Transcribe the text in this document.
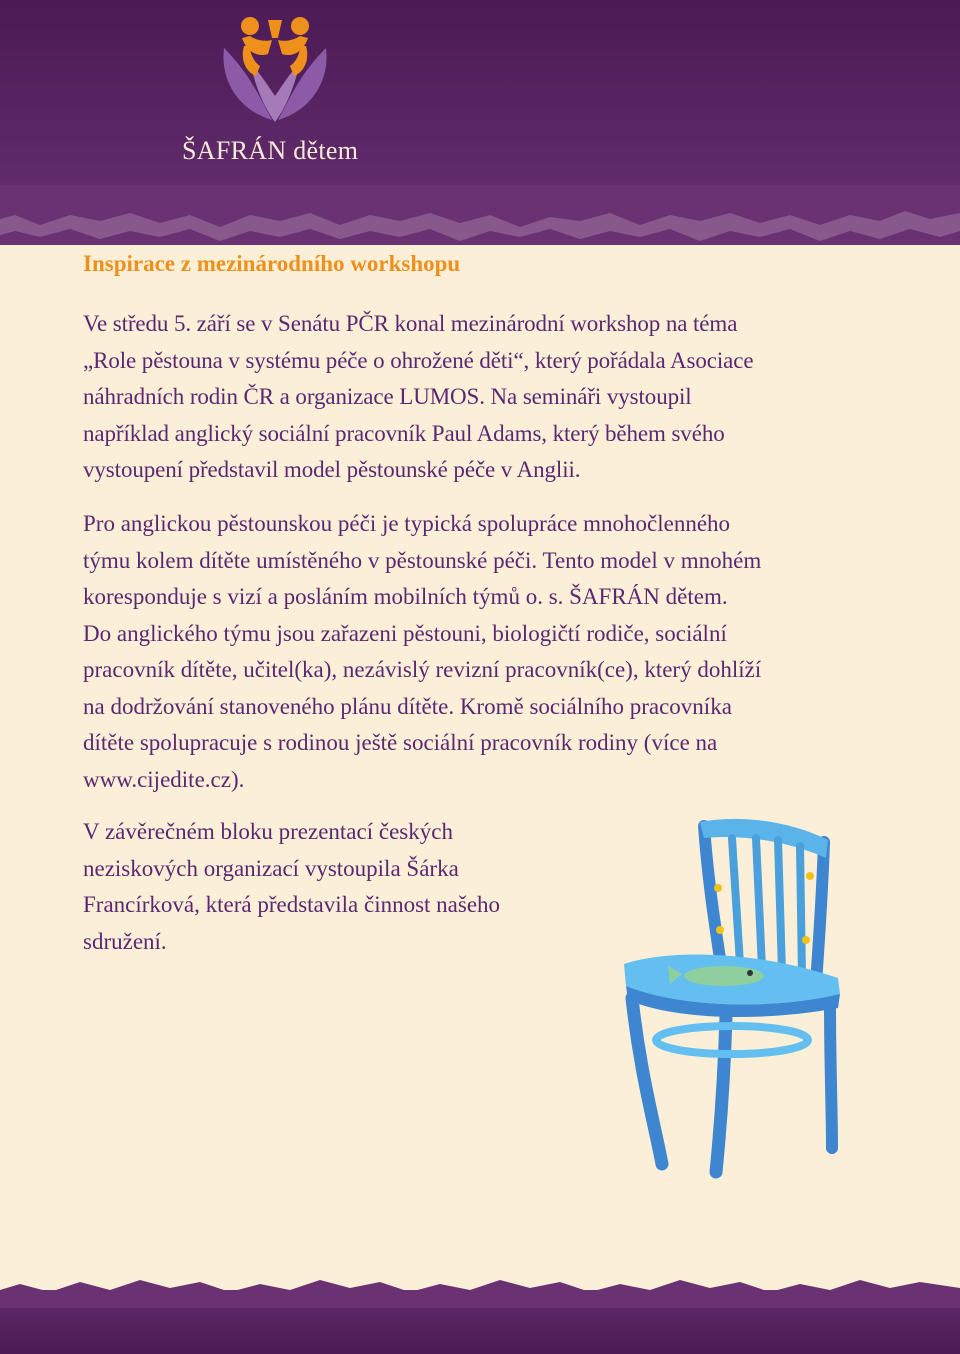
ŠAFRÁN dětem
Inspirace z mezinárodního workshopu

Ve středu 5. září se v Senátu PČR konal mezinárodní workshop na téma
„Role pěstouna v systému péče o ohrožené děti“, který pořádala Asociace
náhradních rodin ČR a organizace LUMOS. Na semináři vystoupil
například anglický sociální pracovník Paul Adams, který během svého
vystoupení představil model pěstounské péče v Anglii.

Pro anglickou pěstounskou péči je typická spolupráce mnohočlenného
týmu kolem dítěte umístěného v pěstounské péči. Tento model v mnohém
koresponduje s vizí a posláním mobilních týmů o. s. ŠAFRÁN dětem.
Do anglického týmu jsou zařazeni pěstouni, biologičtí rodiče, sociální
pracovník dítěte, učitel(ka), nezávislý revizní pracovník(ce), který dohlíží
na dodržování stanoveného plánu dítěte. Kromě sociálního pracovníka
dítěte spolupracuje s rodinou ještě sociální pracovník rodiny (více na
www.cijedite.cz).

V závěrečném bloku prezentací českých
neziskových organizací vystoupila Šárka
Francírková, která představila činnost našeho
sdružení.
